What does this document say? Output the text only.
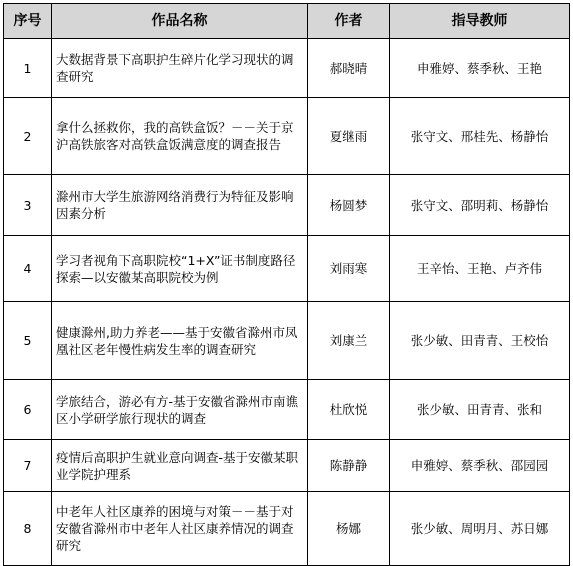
序号	作品名称	作者	指导教师
1	大数据背景下高职护生碎片化学习现状的调查研究	郝晓晴	申雅婷、蔡季秋、王艳
2	拿什么拯救你，我的高铁盒饭？－－关于京沪高铁旅客对高铁盒饭满意度的调查报告	夏继雨	张守文、邢桂先、杨静怡
3	滁州市大学生旅游网络消费行为特征及影响因素分析	杨圆梦	张守文、邵明莉、杨静怡
4	学习者视角下高职院校“1+X”证书制度路径探索—以安徽某高职院校为例	刘雨寒	王辛怡、王艳、卢齐伟
5	健康滁州,助力养老——基于安徽省滁州市凤凰社区老年慢性病发生率的调查研究	刘康兰	张少敏、田青青、王校怡
6	学旅结合，游必有方-基于安徽省滁州市南谯区小学研学旅行现状的调查	杜欣悦	张少敏、田青青、张和
7	疫情后高职护生就业意向调查-基于安徽某职业学院护理系	陈静静	申雅婷、蔡季秋、邵园园
8	中老年人社区康养的困境与对策－－基于对安徽省滁州市中老年人社区康养情况的调查研究	杨娜	张少敏、周明月、苏日娜
